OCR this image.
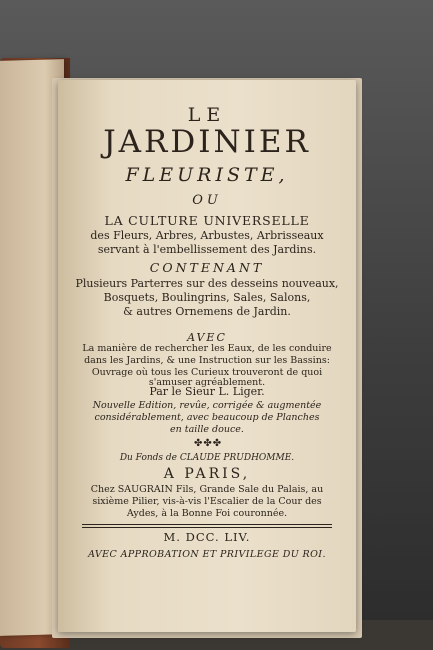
LE
JARDINIER
FLEURISTE,
OU
LA CULTURE UNIVERSELLE
des Fleurs, Arbres, Arbustes, Arbrisseaux
servant à l'embellissement des Jardins.
CONTENANT
Plusieurs Parterres sur des desseins nouveaux,
Bosquets, Boulingrins, Sales, Salons,
& autres Ornemens de Jardin.
AVEC
La manière de rechercher les Eaux, de les conduire
dans les Jardins, & une Instruction sur les Bassins:
Ouvrage où tous les Curieux trouveront de quoi
s'amuser agréablement.
Par le Sieur L. Liger.
Nouvelle Edition, revûe, corrigée & augmentée
considérablement, avec beaucoup de Planches
en taille douce.
✤✤✤
Du Fonds de CLAUDE PRUDHOMME.
A PARIS,
Chez SAUGRAIN Fils, Grande Sale du Palais, au
sixième Pilier, vis-à-vis l'Escalier de la Cour des
Aydes, à la Bonne Foi couronnée.
M. DCC. LIV.
AVEC APPROBATION ET PRIVILEGE DU ROI.
